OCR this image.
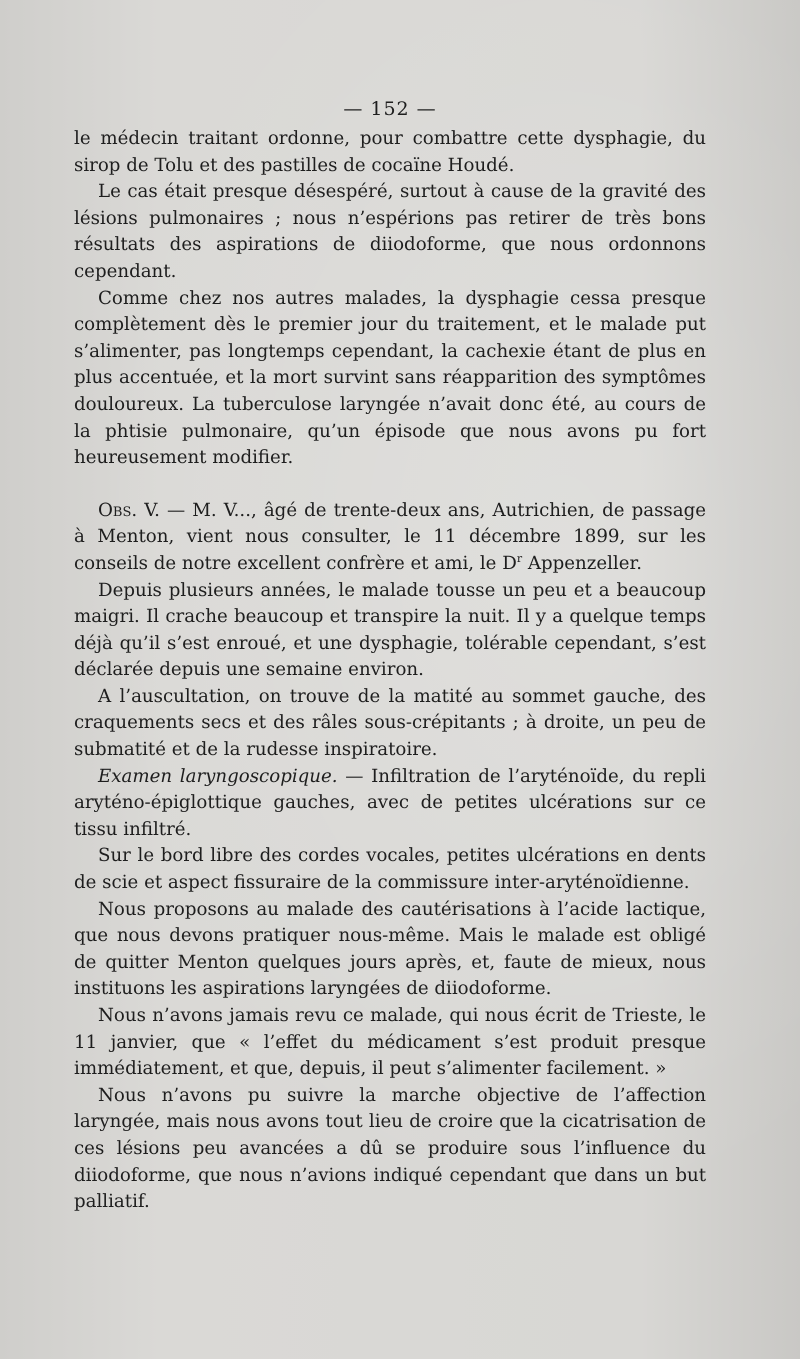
— 152 —

le médecin traitant ordonne, pour combattre cette dysphagie, du sirop de Tolu et des pastilles de cocaïne Houdé.

Le cas était presque désespéré, surtout à cause de la gravité des lésions pulmonaires ; nous n’espérions pas retirer de très bons résultats des aspirations de diiodoforme, que nous ordonnons cependant.

Comme chez nos autres malades, la dysphagie cessa presque complètement dès le premier jour du traitement, et le malade put s’alimenter, pas longtemps cependant, la cachexie étant de plus en plus accentuée, et la mort survint sans réapparition des symptômes douloureux. La tuberculose laryngée n’avait donc été, au cours de la phtisie pulmonaire, qu’un épisode que nous avons pu fort heureusement modifier.

Obs. V. — M. V..., âgé de trente-deux ans, Autrichien, de passage à Menton, vient nous consulter, le 11 décembre 1899, sur les conseils de notre excellent confrère et ami, le $D^r$ Appenzeller.

Depuis plusieurs années, le malade tousse un peu et a beaucoup maigri. Il crache beaucoup et transpire la nuit. Il y a quelque temps déjà qu’il s’est enroué, et une dysphagie, tolérable cependant, s’est déclarée depuis une semaine environ.

A l’auscultation, on trouve de la matité au sommet gauche, des craquements secs et des râles sous-crépitants ; à droite, un peu de submatité et de la rudesse inspiratoire.

Examen laryngoscopique. — Infiltration de l’aryténoïde, du repli aryténo-épiglottique gauches, avec de petites ulcérations sur ce tissu infiltré.

Sur le bord libre des cordes vocales, petites ulcérations en dents de scie et aspect fissuraire de la commissure inter-aryténoïdienne.

Nous proposons au malade des cautérisations à l’acide lactique, que nous devons pratiquer nous-même. Mais le malade est obligé de quitter Menton quelques jours après, et, faute de mieux, nous instituons les aspirations laryngées de diiodoforme.

Nous n’avons jamais revu ce malade, qui nous écrit de Trieste, le 11 janvier, que « l’effet du médicament s’est produit presque immédiatement, et que, depuis, il peut s’alimenter facilement. »

Nous n’avons pu suivre la marche objective de l’affection laryngée, mais nous avons tout lieu de croire que la cicatrisation de ces lésions peu avancées a dû se produire sous l’influence du diiodoforme, que nous n’avions indiqué cependant que dans un but palliatif.
